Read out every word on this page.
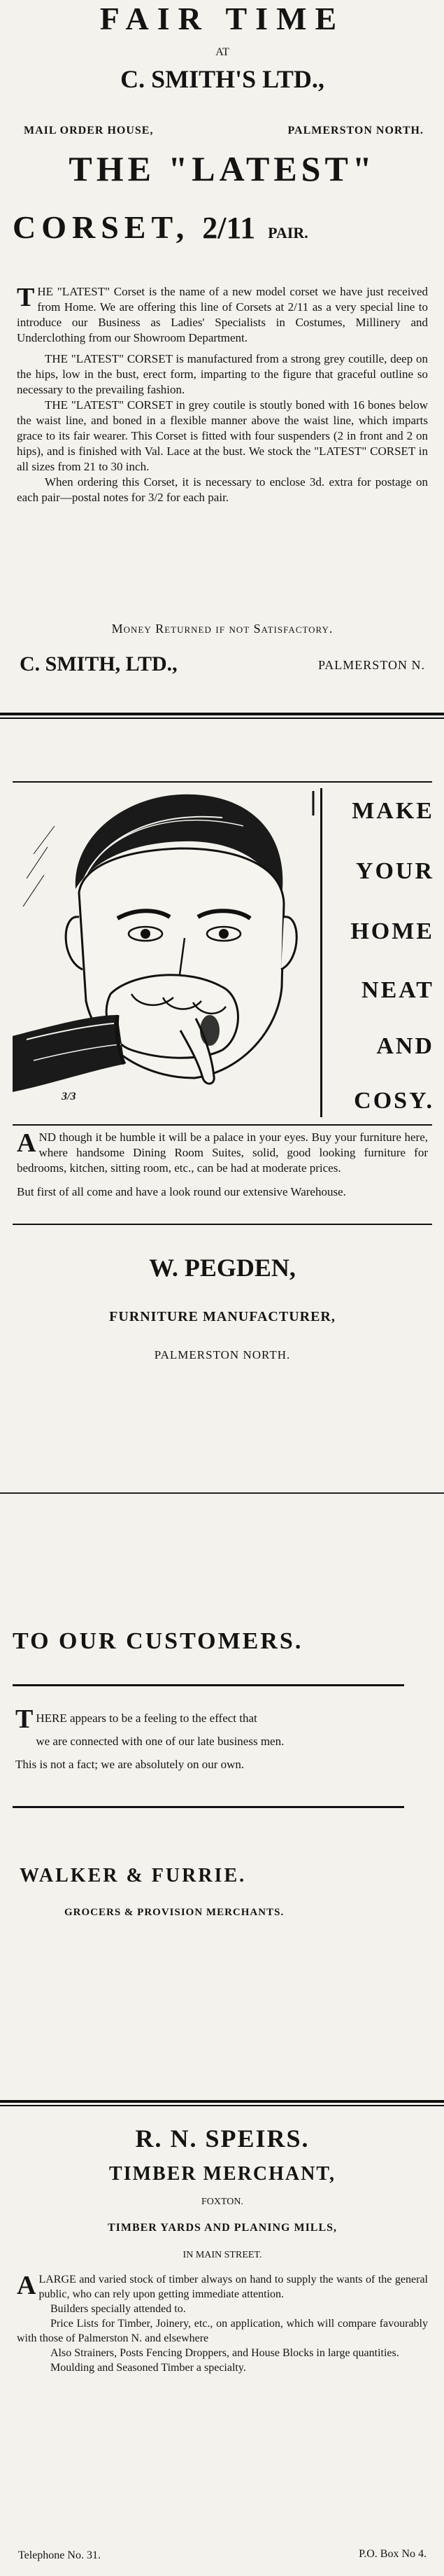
FAIR TIME
AT
C. SMITH'S LTD.,
MAIL ORDER HOUSE,	PALMERSTON NORTH.
THE "LATEST"
CORSET, 2/11 PAIR.

THE "LATEST" Corset is the name of a new model corset we have just received from Home. We are offering this line of Corsets at 2/11 as a very special line to introduce our Business as Ladies' Specialists in Costumes, Millinery and Underclothing from our Showroom Department.

THE "LATEST" CORSET is manufactured from a strong grey coutille, deep on the hips, low in the bust, erect form, imparting to the figure that graceful outline so necessary to the prevailing fashion.

THE "LATEST" CORSET in grey coutile is stoutly boned with 16 bones below the waist line, and boned in a flexible manner above the waist line, which imparts grace to its fair wearer. This Corset is fitted with four suspenders (2 in front and 2 on hips), and is finished with Val. Lace at the bust. We stock the "LATEST" CORSET in all sizes from 21 to 30 inch.

When ordering this Corset, it is necessary to enclose 3d. extra for postage on each pair—postal notes for 3/2 for each pair.

Money Returned if not Satisfactory.
C. SMITH, LTD.,	PALMERSTON N.
3/3
MAKE
YOUR
HOME
NEAT
AND
COSY.

AND though it be humble it will be a palace in your eyes. Buy your furniture here, where handsome Dining Room Suites, solid, good looking furniture for bedrooms, kitchen, sitting room, etc., can be had at moderate prices.

But first of all come and have a look round our extensive Warehouse.

W. PEGDEN,
FURNITURE MANUFACTURER,
PALMERSTON NORTH.
TO OUR CUSTOMERS.
THERE appears to be a feeling to the effect that
we are connected with one of our late business men.
This is not a fact; we are absolutely on our own.
WALKER & FURRIE.
GROCERS & PROVISION MERCHANTS.
R. N. SPEIRS.
TIMBER MERCHANT,
FOXTON.
TIMBER YARDS AND PLANING MILLS,
IN MAIN STREET.

ALARGE and varied stock of timber always on hand to supply the wants of the general public, who can rely upon getting immediate attention.

Builders specially attended to.

Price Lists for Timber, Joinery, etc., on application, which will compare favourably with those of Palmerston N. and elsewhere

Also Strainers, Posts Fencing Droppers, and House Blocks in large quantities.

Moulding and Seasoned Timber a specialty.

Telephone No. 31.	P.O. Box No 4.
